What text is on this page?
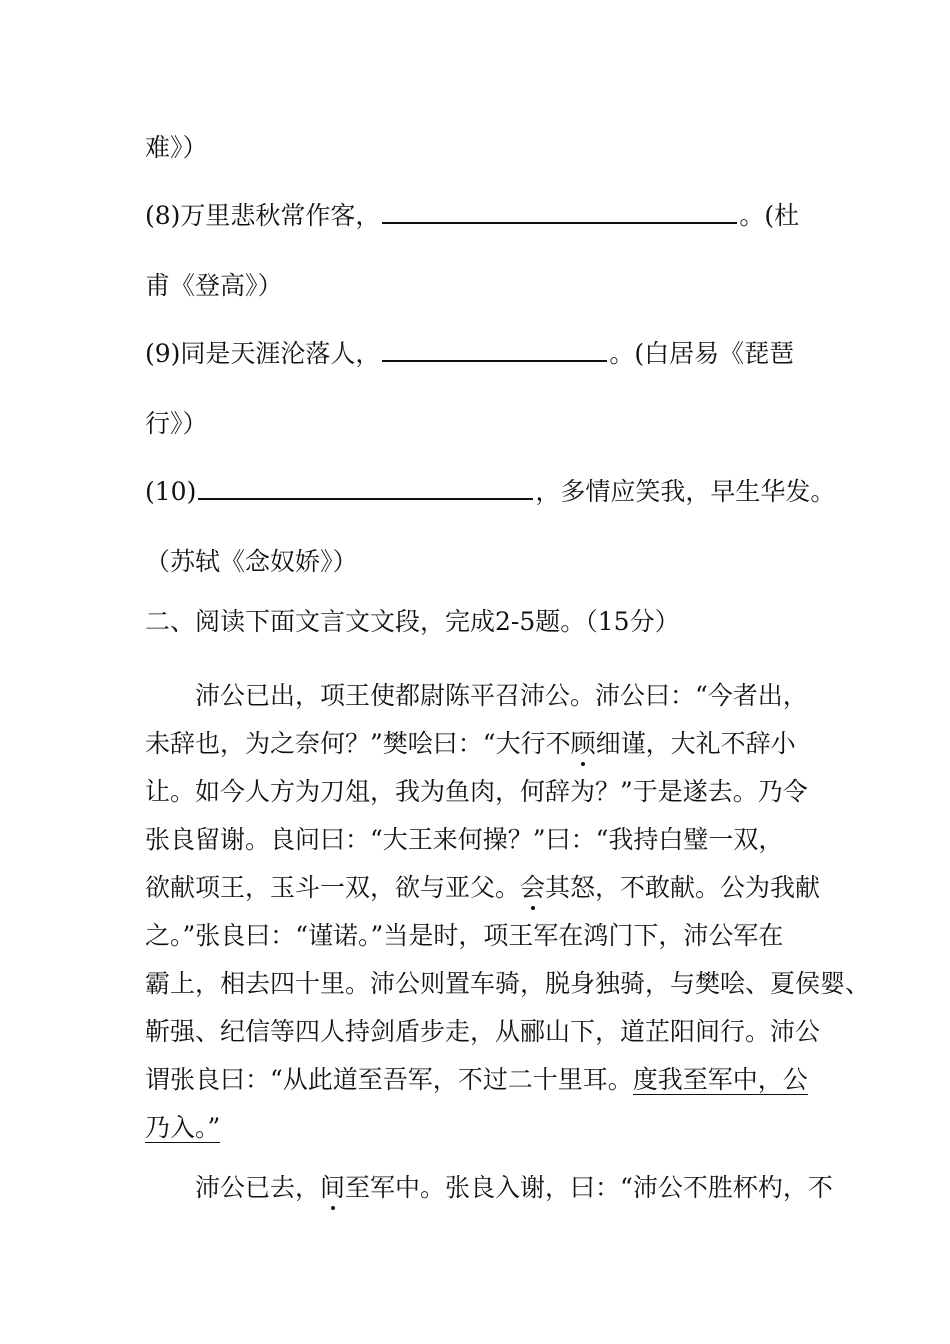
难》）
(8)万里悲秋常作客，	。(杜
甫《登高》）
(9)同是天涯沦落人，	。(白居易《琵琶
行》）
(10)	，多情应笑我，早生华发。
（苏轼《念奴娇》）
二、阅读下面文言文文段，完成2-5题。（15分）
沛公已出，项王使都尉陈平召沛公。沛公曰：“今者出，
未辞也，为之奈何？”樊哙曰：“大行不顾细谨，大礼不辞小
让。如今人方为刀俎，我为鱼肉，何辞为？”于是遂去。乃令
张良留谢。良问曰：“大王来何操？”曰：“我持白璧一双，
欲献项王，玉斗一双，欲与亚父。会其怒，不敢献。公为我献
之。”张良曰：“谨诺。”当是时，项王军在鸿门下，沛公军在
霸上，相去四十里。沛公则置车骑，脱身独骑，与樊哙、夏侯婴、
靳强、纪信等四人持剑盾步走，从郦山下，道芷阳间行。沛公
谓张良曰：“从此道至吾军，不过二十里耳。度我至军中，公
乃入。”
沛公已去，间至军中。张良入谢，曰：“沛公不胜杯杓，不
